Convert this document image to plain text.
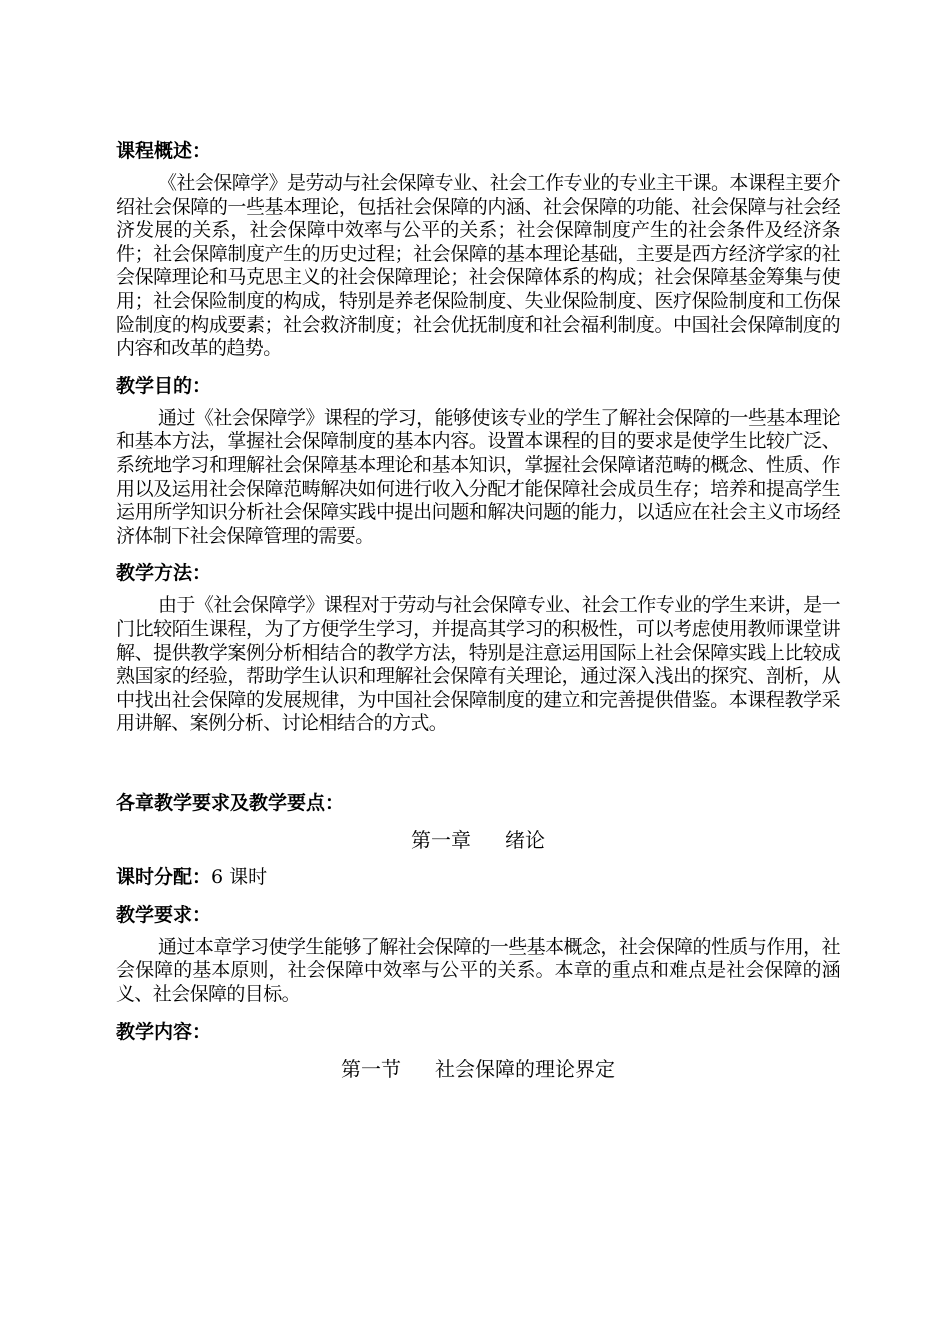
课程概述：

《社会保障学》是劳动与社会保障专业、社会工作专业的专业主干课。本课程主要介绍社会保障的一些基本理论，包括社会保障的内涵、社会保障的功能、社会保障与社会经济发展的关系，社会保障中效率与公平的关系；社会保障制度产生的社会条件及经济条件；社会保障制度产生的历史过程；社会保障的基本理论基础，主要是西方经济学家的社会保障理论和马克思主义的社会保障理论；社会保障体系的构成；社会保障基金筹集与使用；社会保险制度的构成，特别是养老保险制度、失业保险制度、医疗保险制度和工伤保险制度的构成要素；社会救济制度；社会优抚制度和社会福利制度。中国社会保障制度的内容和改革的趋势。

教学目的：

通过《社会保障学》课程的学习，能够使该专业的学生了解社会保障的一些基本理论和基本方法，掌握社会保障制度的基本内容。设置本课程的目的要求是使学生比较广泛、系统地学习和理解社会保障基本理论和基本知识，掌握社会保障诸范畴的概念、性质、作用以及运用社会保障范畴解决如何进行收入分配才能保障社会成员生存；培养和提高学生运用所学知识分析社会保障实践中提出问题和解决问题的能力，以适应在社会主义市场经济体制下社会保障管理的需要。

教学方法：

由于《社会保障学》课程对于劳动与社会保障专业、社会工作专业的学生来讲，是一门比较陌生课程，为了方便学生学习，并提高其学习的积极性，可以考虑使用教师课堂讲解、提供教学案例分析相结合的教学方法，特别是注意运用国际上社会保障实践上比较成熟国家的经验，帮助学生认识和理解社会保障有关理论，通过深入浅出的探究、剖析，从中找出社会保障的发展规律，为中国社会保障制度的建立和完善提供借鉴。本课程教学采用讲解、案例分析、讨论相结合的方式。

各章教学要求及教学要点：

第一章 绪论

课时分配：6 课时

教学要求：

通过本章学习使学生能够了解社会保障的一些基本概念，社会保障的性质与作用，社会保障的基本原则，社会保障中效率与公平的关系。本章的重点和难点是社会保障的涵义、社会保障的目标。

教学内容：

第一节 社会保障的理论界定
